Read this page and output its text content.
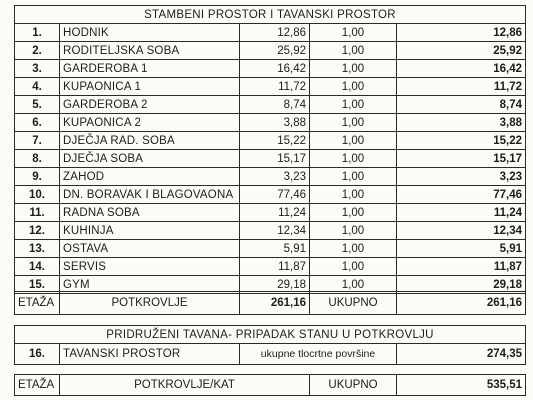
STAMBENI PROSTOR I TAVANSKI PROSTOR				
1.	HODNIK	12,86	1,00	12,86
2.	RODITELJSKA SOBA	25,92	1,00	25,92
3.	GARDEROBA 1	16,42	1,00	16,42
4.	KUPAONICA 1	11,72	1,00	11,72
5.	GARDEROBA 2	8,74	1,00	8,74
6.	KUPAONICA 2	3,88	1,00	3,88
7.	DJEČJA RAD. SOBA	15,22	1,00	15,22
8.	DJEČJA SOBA	15,17	1,00	15,17
9.	ZAHOD	3,23	1,00	3,23
10.	DN. BORAVAK I BLAGOVAONA	77,46	1,00	77,46
11.	RADNA SOBA	11,24	1,00	11,24
12.	KUHINJA	12,34	1,00	12,34
13.	OSTAVA	5,91	1,00	5,91
14.	SERVIS	11,87	1,00	11,87
15.	GYM	29,18	1,00	29,18
ETAŽA	POTKROVLJE	261,16	UKUPNO	261,16
PRIDRUŽENI TAVANA- PRIPADAK STANU U POTKROVLJU
16.	TAVANSKI PROSTOR	ukupne tlocrtne površine	274,35
ETAŽA	POTKROVLJE/KAT	UKUPNO	535,51
